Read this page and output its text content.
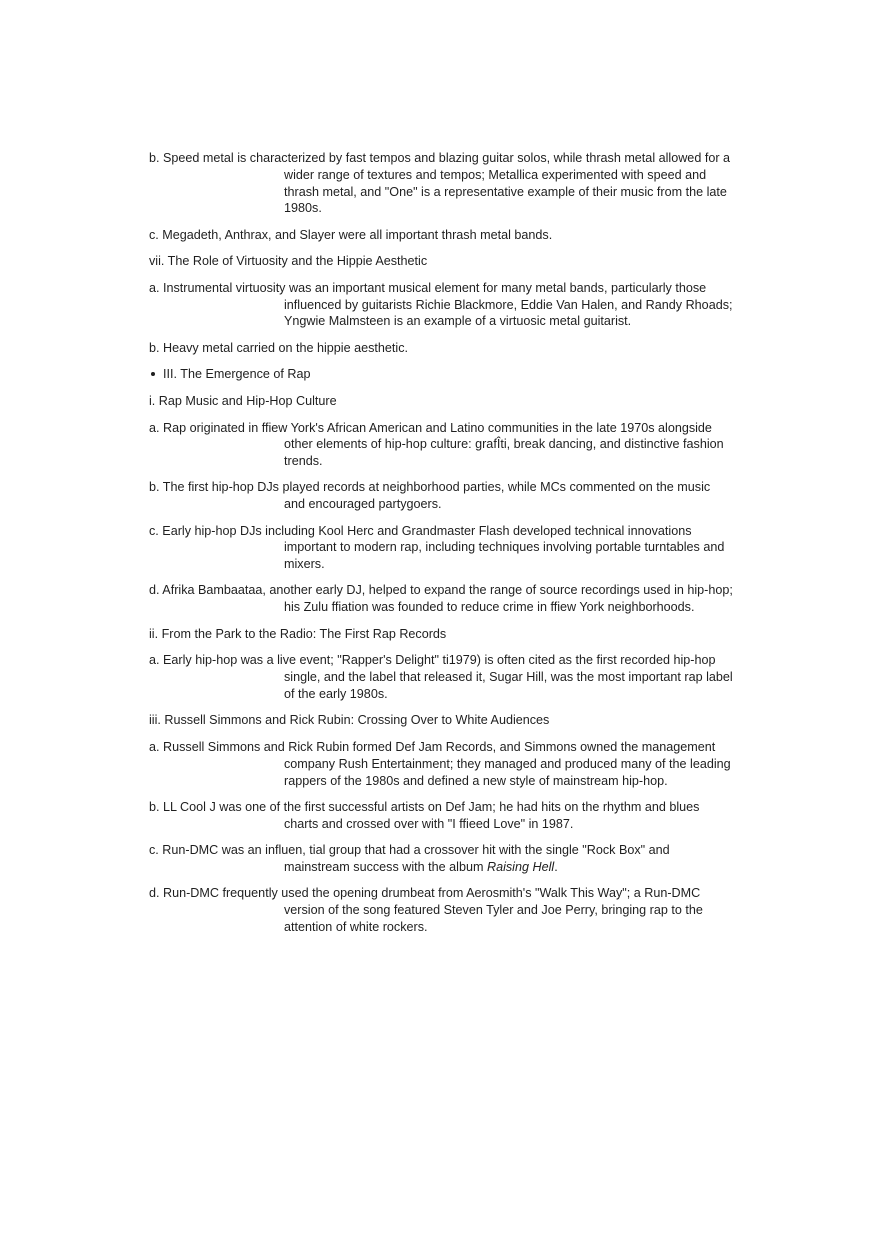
b. Speed metal is characterized by fast tempos and blazing guitar solos, while thrash metal allowed for a wider range of textures and tempos; Metallica experimented with speed and thrash metal, and "One" is a representative example of their music from the late 1980s.

c. Megadeth, Anthrax, and Slayer were all important thrash metal bands.

vii. The Role of Virtuosity and the Hippie Aesthetic

a. Instrumental virtuosity was an important musical element for many metal bands, particularly those influenced by guitarists Richie Blackmore, Eddie Van Halen, and Randy Rhoads; Yngwie Malmsteen is an example of a virtuosic metal guitarist.

b. Heavy metal carried on the hippie aesthetic.

III. The Emergence of Rap

i. Rap Music and Hip-Hop Culture

a. Rap originated in ffiew York's African American and Latino communities in the late 1970s alongside other elements of hip-hop culture: grafÎti, break dancing, and distinctive fashion trends.

b. The first hip-hop DJs played records at neighborhood parties, while MCs commented on the music and encouraged partygoers.

c. Early hip-hop DJs including Kool Herc and Grandmaster Flash developed technical innovations important to modern rap, including techniques involving portable turntables and mixers.

d. Afrika Bambaataa, another early DJ, helped to expand the range of source recordings used in hip-hop; his Zulu ffiation was founded to reduce crime in ffiew York neighborhoods.

ii. From the Park to the Radio: The First Rap Records

a. Early hip-hop was a live event; "Rapper's Delight" ti1979) is often cited as the first recorded hip-hop single, and the label that released it, Sugar Hill, was the most important rap label of the early 1980s.

iii. Russell Simmons and Rick Rubin: Crossing Over to White Audiences

a. Russell Simmons and Rick Rubin formed Def Jam Records, and Simmons owned the management company Rush Entertainment; they managed and produced many of the leading rappers of the 1980s and defined a new style of mainstream hip-hop.

b. LL Cool J was one of the first successful artists on Def Jam; he had hits on the rhythm and blues charts and crossed over with "I ffieed Love" in 1987.

c. Run-DMC was an influen, tial group that had a crossover hit with the single "Rock Box" and mainstream success with the album Raising Hell.

d. Run-DMC frequently used the opening drumbeat from Aerosmith's "Walk This Way"; a Run-DMC version of the song featured Steven Tyler and Joe Perry, bringing rap to the attention of white rockers.
